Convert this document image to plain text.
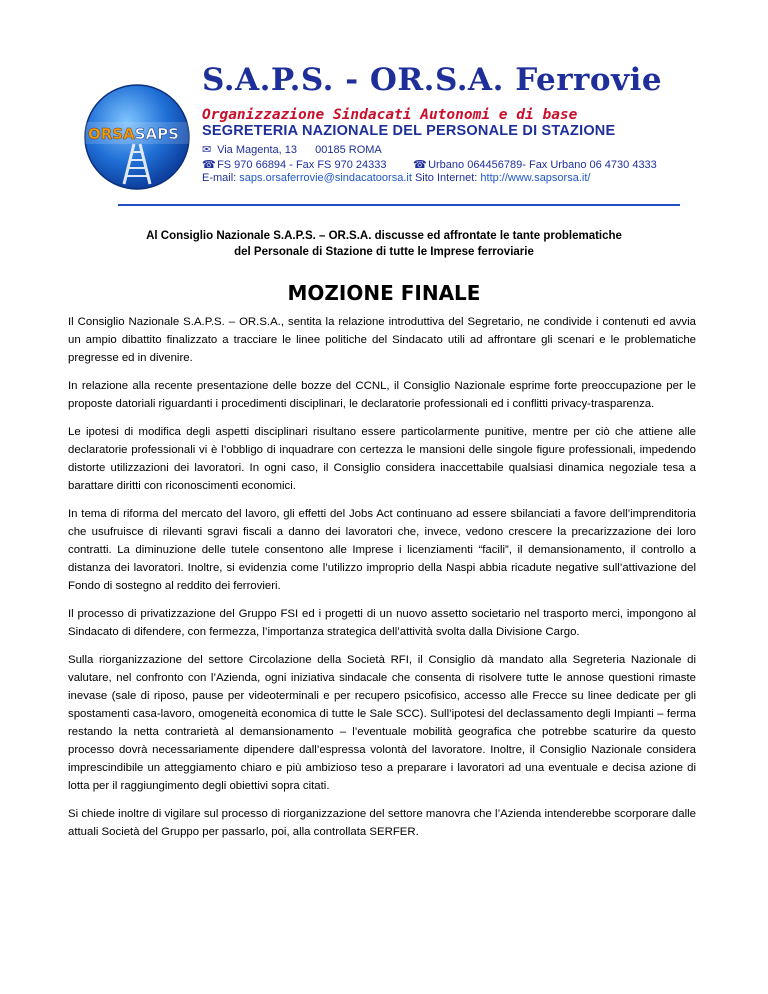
ORSASAPS
S.A.P.S. - OR.S.A. Ferrovie
Organizzazione Sindacati Autonomi e di base
SEGRETERIA NAZIONALE DEL PERSONALE DI STAZIONE
✉ Via Magenta, 13 00185 ROMA
☎ FS 970 66894 - Fax FS 970 24333 ☎ Urbano 064456789- Fax Urbano 06 4730 4333
E-mail: saps.orsaferrovie@sindacatoorsa.it Sito Internet: http://www.sapsorsa.it/
Al Consiglio Nazionale S.A.P.S. – OR.S.A. discusse ed affrontate le tante problematiche
del Personale di Stazione di tutte le Imprese ferroviarie
MOZIONE FINALE

Il Consiglio Nazionale S.A.P.S. – OR.S.A., sentita la relazione introduttiva del Segretario, ne condivide i contenuti ed avvia un ampio dibattito finalizzato a tracciare le linee politiche del Sindacato utili ad affrontare gli scenari e le problematiche pregresse ed in divenire.

In relazione alla recente presentazione delle bozze del CCNL, il Consiglio Nazionale esprime forte preoccupazione per le proposte datoriali riguardanti i procedimenti disciplinari, le declaratorie professionali ed i conflitti privacy-trasparenza.

Le ipotesi di modifica degli aspetti disciplinari risultano essere particolarmente punitive, mentre per ciò che attiene alle declaratorie professionali vi è l’obbligo di inquadrare con certezza le mansioni delle singole figure professionali, impedendo distorte utilizzazioni dei lavoratori. In ogni caso, il Consiglio considera inaccettabile qualsiasi dinamica negoziale tesa a barattare diritti con riconoscimenti economici.

In tema di riforma del mercato del lavoro, gli effetti del Jobs Act continuano ad essere sbilanciati a favore dell’imprenditoria che usufruisce di rilevanti sgravi fiscali a danno dei lavoratori che, invece, vedono crescere la precarizzazione dei loro contratti. La diminuzione delle tutele consentono alle Imprese i licenziamenti “facili”, il demansionamento, il controllo a distanza dei lavoratori. Inoltre, si evidenzia come l’utilizzo improprio della Naspi abbia ricadute negative sull’attivazione del Fondo di sostegno al reddito dei ferrovieri.

Il processo di privatizzazione del Gruppo FSI ed i progetti di un nuovo assetto societario nel trasporto merci, impongono al Sindacato di difendere, con fermezza, l’importanza strategica dell’attività svolta dalla Divisione Cargo.

Sulla riorganizzazione del settore Circolazione della Società RFI, il Consiglio dà mandato alla Segreteria Nazionale di valutare, nel confronto con l’Azienda, ogni iniziativa sindacale che consenta di risolvere tutte le annose questioni rimaste inevase (sale di riposo, pause per videoterminali e per recupero psicofisico, accesso alle Frecce su linee dedicate per gli spostamenti casa-lavoro, omogeneità economica di tutte le Sale SCC). Sull’ipotesi del declassamento degli Impianti – ferma restando la netta contrarietà al demansionamento – l’eventuale mobilità geografica che potrebbe scaturire da questo processo dovrà necessariamente dipendere dall’espressa volontà del lavoratore. Inoltre, il Consiglio Nazionale considera imprescindibile un atteggiamento chiaro e più ambizioso teso a preparare i lavoratori ad una eventuale e decisa azione di lotta per il raggiungimento degli obiettivi sopra citati.

Si chiede inoltre di vigilare sul processo di riorganizzazione del settore manovra che l’Azienda intenderebbe scorporare dalle attuali Società del Gruppo per passarlo, poi, alla controllata SERFER.
